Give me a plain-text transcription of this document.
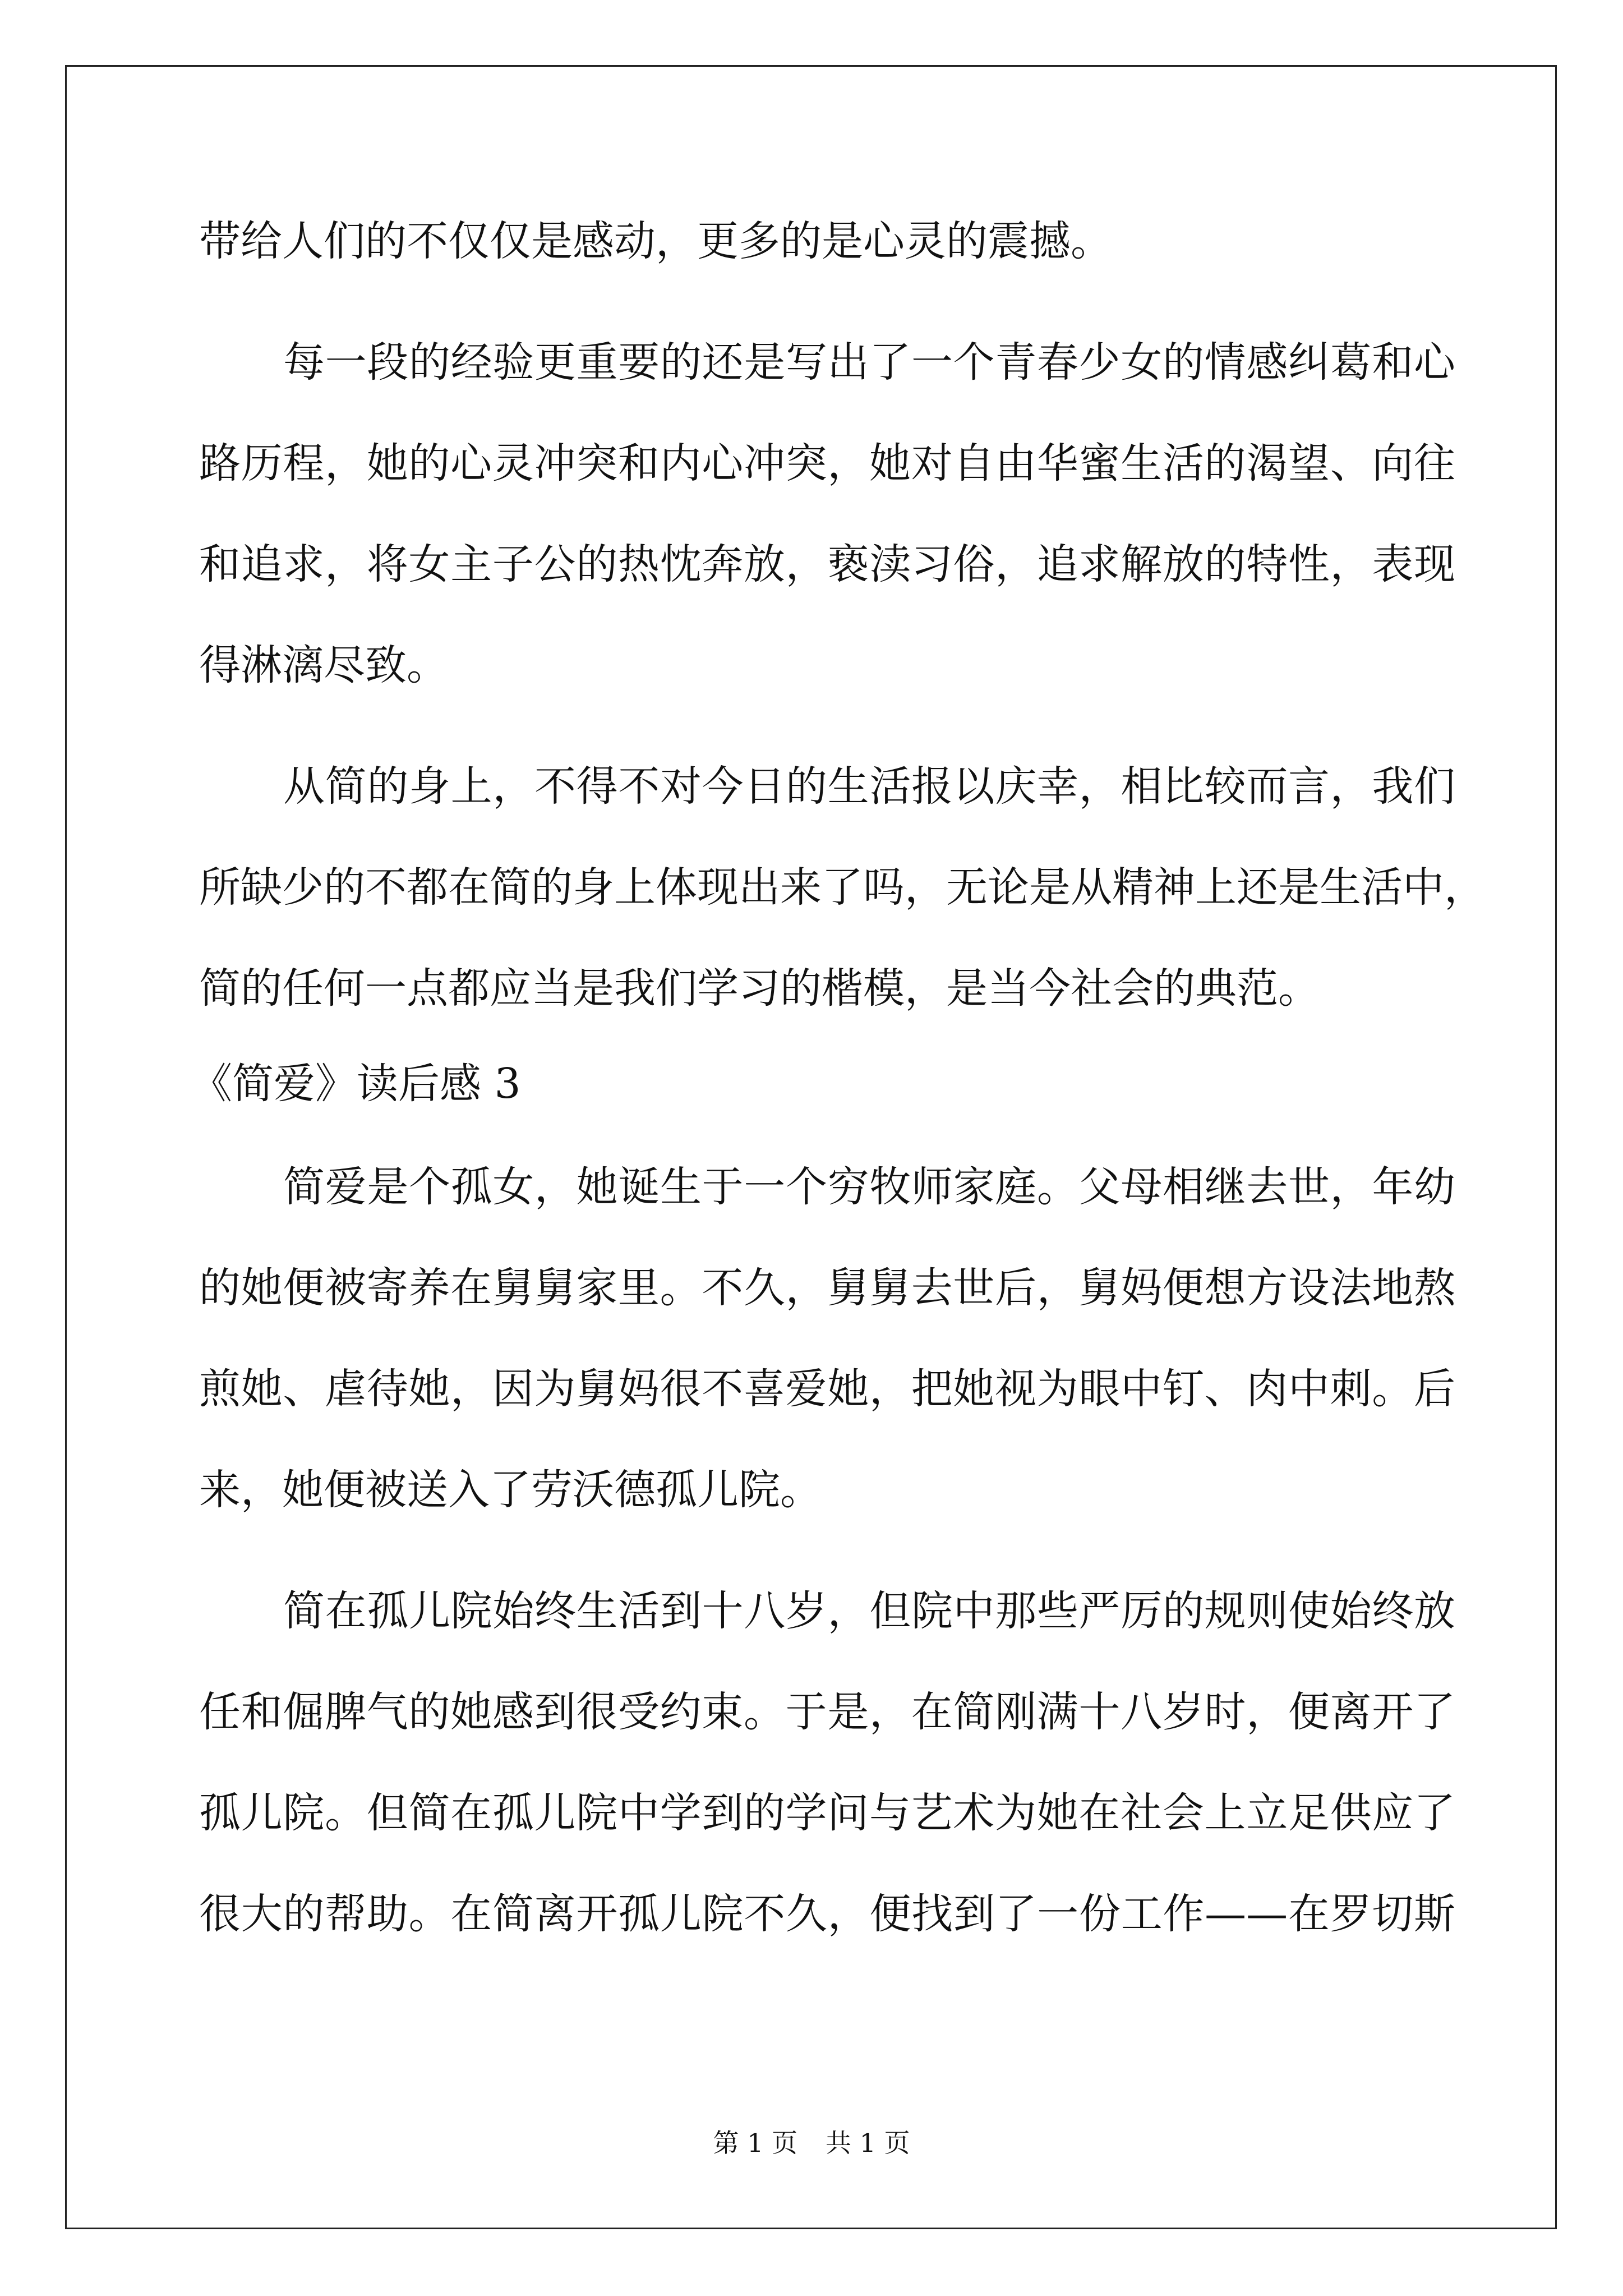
带给人们的不仅仅是感动，更多的是心灵的震撼。
每一段的经验更重要的还是写出了一个青春少女的情感纠葛和心
路历程，她的心灵冲突和内心冲突，她对自由华蜜生活的渴望、向往
和追求，将女主子公的热忱奔放，亵渎习俗，追求解放的特性，表现
得淋漓尽致。
从简的身上，不得不对今日的生活报以庆幸，相比较而言，我们
所缺少的不都在简的身上体现出来了吗，无论是从精神上还是生活中，
简的任何一点都应当是我们学习的楷模，是当今社会的典范。
《简爱》读后感 3
简爱是个孤女，她诞生于一个穷牧师家庭。父母相继去世，年幼
的她便被寄养在舅舅家里。不久，舅舅去世后，舅妈便想方设法地熬
煎她、虐待她，因为舅妈很不喜爱她，把她视为眼中钉、肉中刺。后
来，她便被送入了劳沃德孤儿院。
简在孤儿院始终生活到十八岁，但院中那些严厉的规则使始终放
任和倔脾气的她感到很受约束。于是，在简刚满十八岁时，便离开了
孤儿院。但简在孤儿院中学到的学问与艺术为她在社会上立足供应了
很大的帮助。在简离开孤儿院不久，便找到了一份工作——在罗切斯
第 1 页 共 1 页
